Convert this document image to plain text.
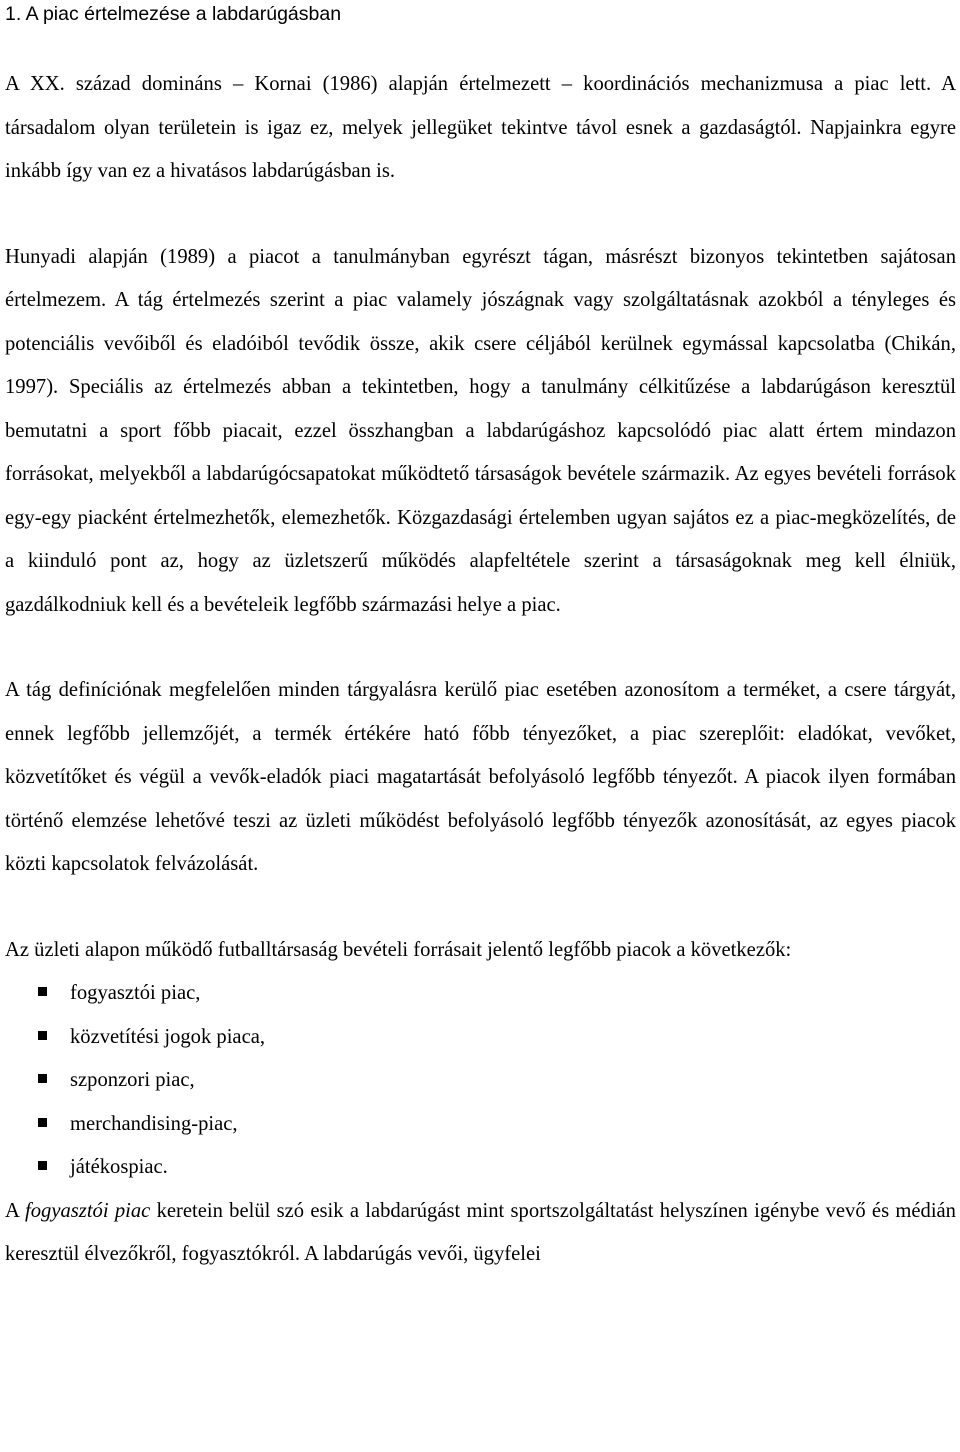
1. A piac értelmezése a labdarúgásban

A XX. század domináns – Kornai (1986) alapján értelmezett – koordinációs mechanizmusa a piac lett. A társadalom olyan területein is igaz ez, melyek jellegüket tekintve távol esnek a gazdaságtól. Napjainkra egyre inkább így van ez a hivatásos labdarúgásban is.

Hunyadi alapján (1989) a piacot a tanulmányban egyrészt tágan, másrészt bizonyos tekintetben sajátosan értelmezem. A tág értelmezés szerint a piac valamely jószágnak vagy szolgáltatásnak azokból a tényleges és potenciális vevőiből és eladóiból tevődik össze, akik csere céljából kerülnek egymással kapcsolatba (Chikán, 1997). Speciális az értelmezés abban a tekintetben, hogy a tanulmány célkitűzése a labdarúgáson keresztül bemutatni a sport főbb piacait, ezzel összhangban a labdarúgáshoz kapcsolódó piac alatt értem mindazon forrásokat, melyekből a labdarúgócsapatokat működtető társaságok bevétele származik. Az egyes bevételi források egy-egy piacként értelmezhetők, elemezhetők. Közgazdasági értelemben ugyan sajátos ez a piac-megközelítés, de a kiinduló pont az, hogy az üzletszerű működés alapfeltétele szerint a társaságoknak meg kell élniük, gazdálkodniuk kell és a bevételeik legfőbb származási helye a piac.

A tág definíciónak megfelelően minden tárgyalásra kerülő piac esetében azonosítom a terméket, a csere tárgyát, ennek legfőbb jellemzőjét, a termék értékére ható főbb tényezőket, a piac szereplőit: eladókat, vevőket, közvetítőket és végül a vevők-eladók piaci magatartását befolyásoló legfőbb tényezőt. A piacok ilyen formában történő elemzése lehetővé teszi az üzleti működést befolyásoló legfőbb tényezők azonosítását, az egyes piacok közti kapcsolatok felvázolását.

Az üzleti alapon működő futballtársaság bevételi forrásait jelentő legfőbb piacok a következők:

fogyasztói piac,
közvetítési jogok piaca,
szponzori piac,
merchandising-piac,
játékospiac.

A fogyasztói piac keretein belül szó esik a labdarúgást mint sportszolgáltatást helyszínen igénybe vevő és médián keresztül élvezőkről, fogyasztókról. A labdarúgás vevői, ügyfelei
